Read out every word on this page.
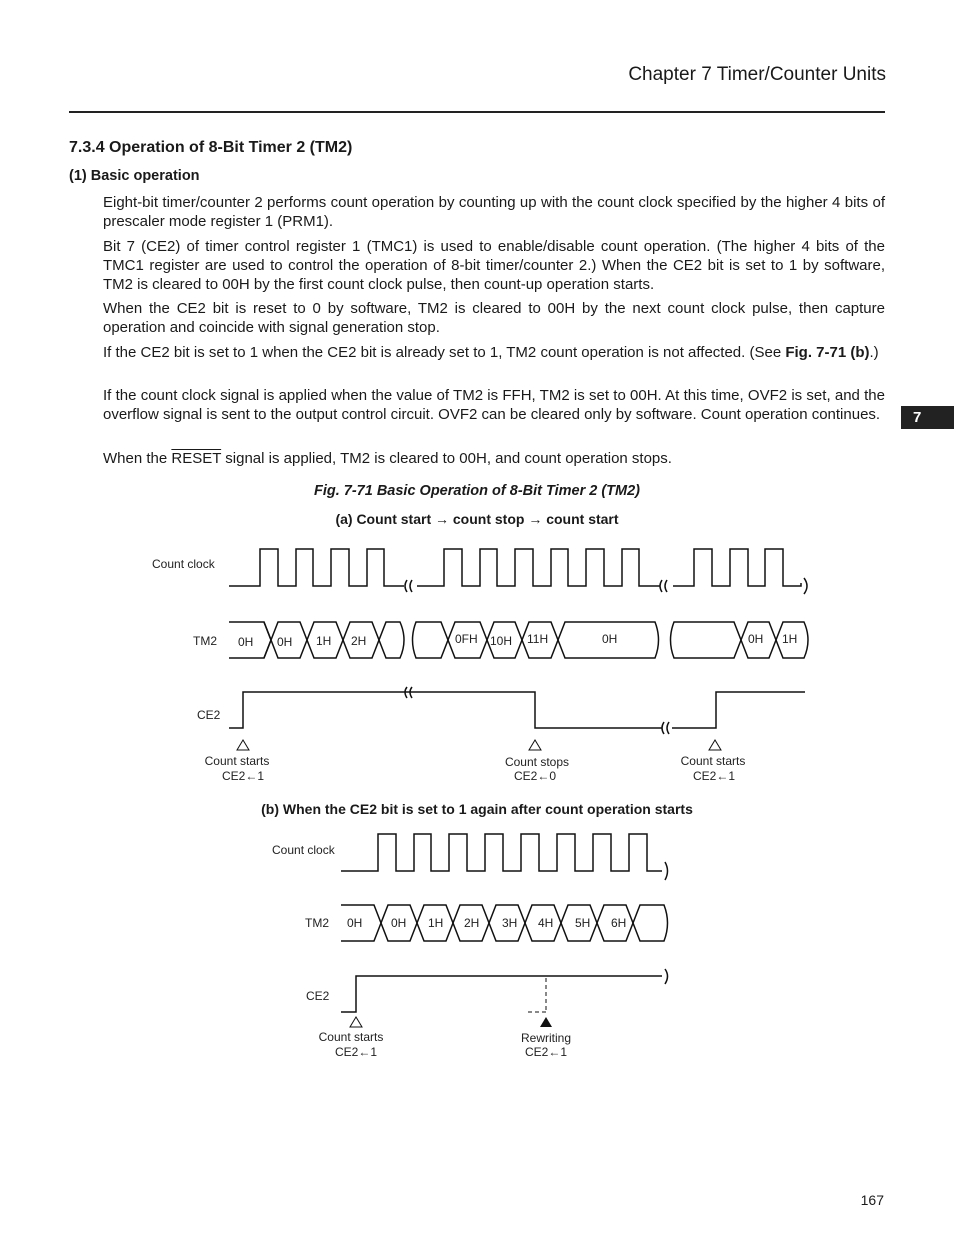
Chapter 7 Timer/Counter Units
7.3.4 Operation of 8-Bit Timer 2 (TM2)
(1) Basic operation
Eight-bit timer/counter 2 performs count operation by counting up with the count clock specified by the higher 4 bits of prescaler mode register 1 (PRM1).
Bit 7 (CE2) of timer control register 1 (TMC1) is used to enable/disable count operation. (The higher 4 bits of the TMC1 register are used to control the operation of 8-bit timer/counter 2.) When the CE2 bit is set to 1 by software, TM2 is cleared to 00H by the first count clock pulse, then count-up operation starts.
When the CE2 bit is reset to 0 by software, TM2 is cleared to 00H by the next count clock pulse, then capture operation and coincide with signal generation stop.
If the CE2 bit is set to 1 when the CE2 bit is already set to 1, TM2 count operation is not affected. (See Fig. 7-71 (b).)
If the count clock signal is applied when the value of TM2 is FFH, TM2 is set to 00H. At this time, OVF2 is set, and the overflow signal is sent to the output control circuit. OVF2 can be cleared only by software. Count operation continues.
When the RESET signal is applied, TM2 is cleared to 00H, and count operation stops.
7
Fig. 7-71 Basic Operation of 8-Bit Timer 2 (TM2)
(a) Count start → count stop → count start
(b) When the CE2 bit is set to 1 again after count operation starts
Count clock
TM2
CE2
0H 0H 1H 2H	0FH 10H 11H	0H	0H 1H
Count starts
CE2←1
Count stops
CE2←0
Count starts
CE2←1
Count clock
TM2
CE2
0H 0H 1H 2H 3H 4H 5H 6H
Count starts
CE2←1
Rewriting
CE2←1
167
